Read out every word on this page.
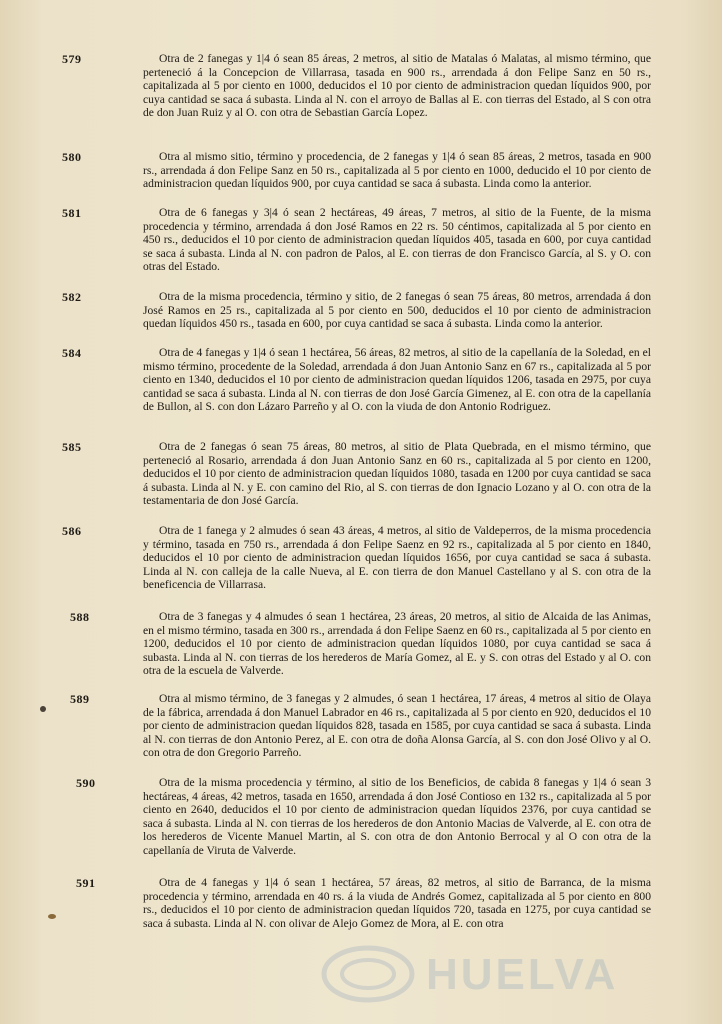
579	Otra de 2 fanegas y 1|4 ó sean 85 áreas, 2 metros, al sitio de Matalas ó Malatas, al mismo término, que perteneció á la Concepcion de Villarrasa, tasada en 900 rs., arrendada á don Felipe Sanz en 50 rs., capitalizada al 5 por ciento en 1000, deducidos el 10 por ciento de administracion quedan líquidos 900, por cuya cantidad se saca á subasta. Linda al N. con el arroyo de Ballas al E. con tierras del Estado, al S con otra de don Juan Ruiz y al O. con otra de Sebastian García Lopez.
580	Otra al mismo sitio, término y procedencia, de 2 fanegas y 1|4 ó sean 85 áreas, 2 metros, tasada en 900 rs., arrendada á don Felipe Sanz en 50 rs., capitalizada al 5 por ciento en 1000, deducido el 10 por ciento de administracion quedan líquidos 900, por cuya cantidad se saca á subasta. Linda como la anterior.
581	Otra de 6 fanegas y 3|4 ó sean 2 hectáreas, 49 áreas, 7 metros, al sitio de la Fuente, de la misma procedencia y término, arrendada á don José Ramos en 22 rs. 50 céntimos, capitalizada al 5 por ciento en 450 rs., deducidos el 10 por ciento de administracion quedan líquidos 405, tasada en 600, por cuya cantidad se saca á subasta. Linda al N. con padron de Palos, al E. con tierras de don Francisco García, al S. y O. con otras del Estado.
582	Otra de la misma procedencia, término y sitio, de 2 fanegas ó sean 75 áreas, 80 metros, arrendada á don José Ramos en 25 rs., capitalizada al 5 por ciento en 500, deducidos el 10 por ciento de administracion quedan líquidos 450 rs., tasada en 600, por cuya cantidad se saca á subasta. Linda como la anterior.
584	Otra de 4 fanegas y 1|4 ó sean 1 hectárea, 56 áreas, 82 metros, al sitio de la capellanía de la Soledad, en el mismo término, procedente de la Soledad, arrendada á don Juan Antonio Sanz en 67 rs., capitalizada al 5 por ciento en 1340, deducidos el 10 por ciento de administracion quedan líquidos 1206, tasada en 2975, por cuya cantidad se saca á subasta. Linda al N. con tierras de don José García Gimenez, al E. con otra de la capellanía de Bullon, al S. con don Lázaro Parreño y al O. con la viuda de don Antonio Rodriguez.
585	Otra de 2 fanegas ó sean 75 áreas, 80 metros, al sitio de Plata Quebrada, en el mismo término, que perteneció al Rosario, arrendada á don Juan Antonio Sanz en 60 rs., capitalizada al 5 por ciento en 1200, deducidos el 10 por ciento de administracion quedan líquidos 1080, tasada en 1200 por cuya cantidad se saca á subasta. Linda al N. y E. con camino del Rio, al S. con tierras de don Ignacio Lozano y al O. con otra de la testamentaria de don José García.
586	Otra de 1 fanega y 2 almudes ó sean 43 áreas, 4 metros, al sitio de Valdeperros, de la misma procedencia y término, tasada en 750 rs., arrendada á don Felipe Saenz en 92 rs., capitalizada al 5 por ciento en 1840, deducidos el 10 por ciento de administracion quedan líquidos 1656, por cuya cantidad se saca á subasta. Linda al N. con calleja de la calle Nueva, al E. con tierra de don Manuel Castellano y al S. con otra de la beneficencia de Villarrasa.
588	Otra de 3 fanegas y 4 almudes ó sean 1 hectárea, 23 áreas, 20 metros, al sitio de Alcaida de las Animas, en el mismo término, tasada en 300 rs., arrendada á don Felipe Saenz en 60 rs., capitalizada al 5 por ciento en 1200, deducidos el 10 por ciento de administracion quedan líquidos 1080, por cuya cantidad se saca á subasta. Linda al N. con tierras de los herederos de María Gomez, al E. y S. con otras del Estado y al O. con otra de la escuela de Valverde.
589	Otra al mismo término, de 3 fanegas y 2 almudes, ó sean 1 hectárea, 17 áreas, 4 metros al sitio de Olaya de la fábrica, arrendada á don Manuel Labrador en 46 rs., capitalizada al 5 por ciento en 920, deducidos el 10 por ciento de administracion quedan líquidos 828, tasada en 1585, por cuya cantidad se saca á subasta. Linda al N. con tierras de don Antonio Perez, al E. con otra de doña Alonsa García, al S. con don José Olivo y al O. con otra de don Gregorio Parreño.
590	Otra de la misma procedencia y término, al sitio de los Beneficios, de cabida 8 fanegas y 1|4 ó sean 3 hectáreas, 4 áreas, 42 metros, tasada en 1650, arrendada á don José Contioso en 132 rs., capitalizada al 5 por ciento en 2640, deducidos el 10 por ciento de administracion quedan líquidos 2376, por cuya cantidad se saca á subasta. Linda al N. con tierras de los herederos de don Antonio Macias de Valverde, al E. con otra de los herederos de Vicente Manuel Martin, al S. con otra de don Antonio Berrocal y al O con otra de la capellanía de Viruta de Valverde.
591	Otra de 4 fanegas y 1|4 ó sean 1 hectárea, 57 áreas, 82 metros, al sitio de Barranca, de la misma procedencia y término, arrendada en 40 rs. á la viuda de Andrés Gomez, capitalizada al 5 por ciento en 800 rs., deducidos el 10 por ciento de administracion quedan líquidos 720, tasada en 1275, por cuya cantidad se saca á subasta. Linda al N. con olivar de Alejo Gomez de Mora, al E. con otra
HUELVA
